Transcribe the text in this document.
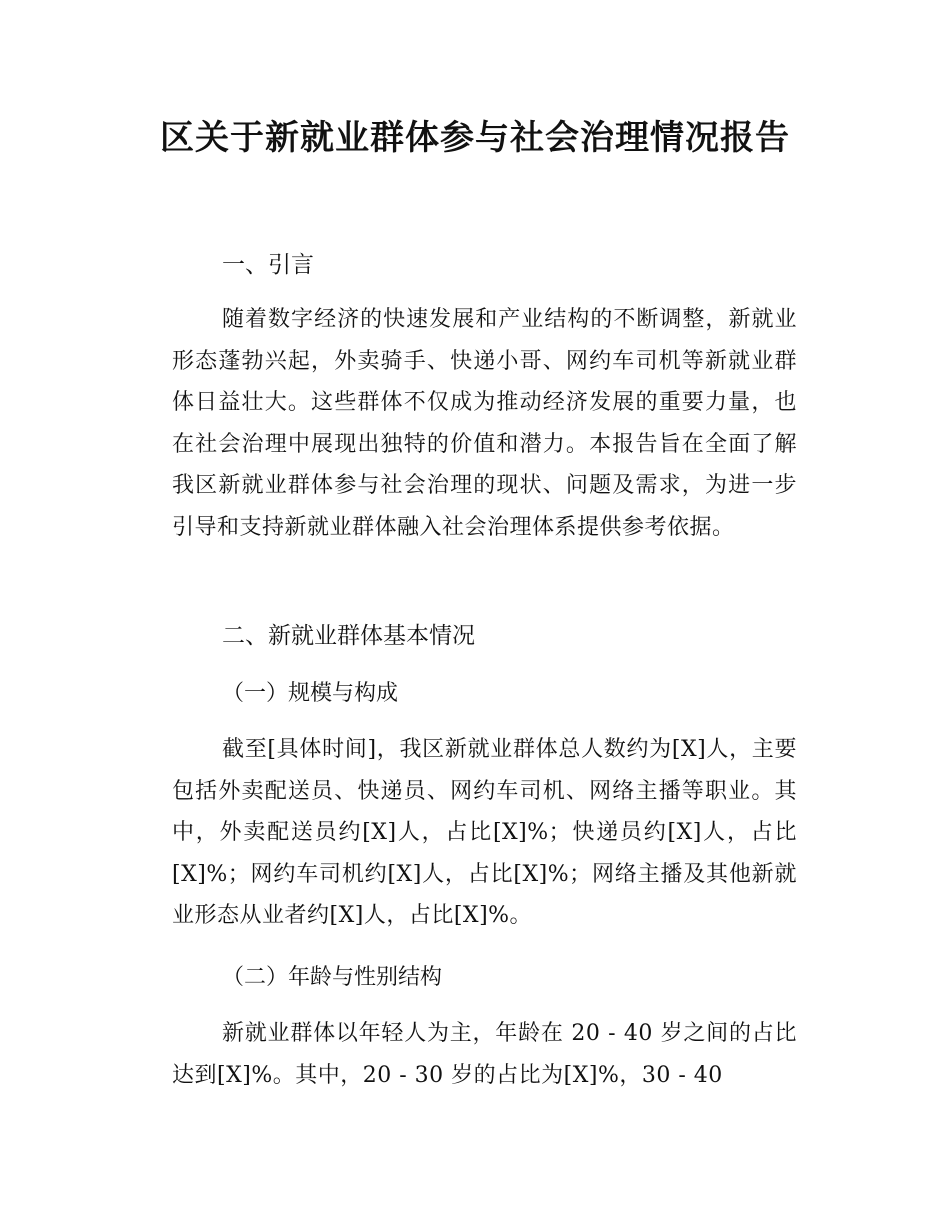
区关于新就业群体参与社会治理情况报告
一、引言

随着数字经济的快速发展和产业结构的不断调整，新就业形态蓬勃兴起，外卖骑手、快递小哥、网约车司机等新就业群体日益壮大。这些群体不仅成为推动经济发展的重要力量，也在社会治理中展现出独特的价值和潜力。本报告旨在全面了解我区新就业群体参与社会治理的现状、问题及需求，为进一步引导和支持新就业群体融入社会治理体系提供参考依据。

二、新就业群体基本情况
（一）规模与构成

截至[具体时间]，我区新就业群体总人数约为[X]人，主要包括外卖配送员、快递员、网约车司机、网络主播等职业。其中，外卖配送员约[X]人，占比[X]%；快递员约[X]人，占比[X]%；网约车司机约[X]人，占比[X]%；网络主播及其他新就业形态从业者约[X]人，占比[X]%。

（二）年龄与性别结构

新就业群体以年轻人为主，年龄在 20 - 40 岁之间的占比达到[X]%。其中，20 - 30 岁的占比为[X]%，30 - 40
